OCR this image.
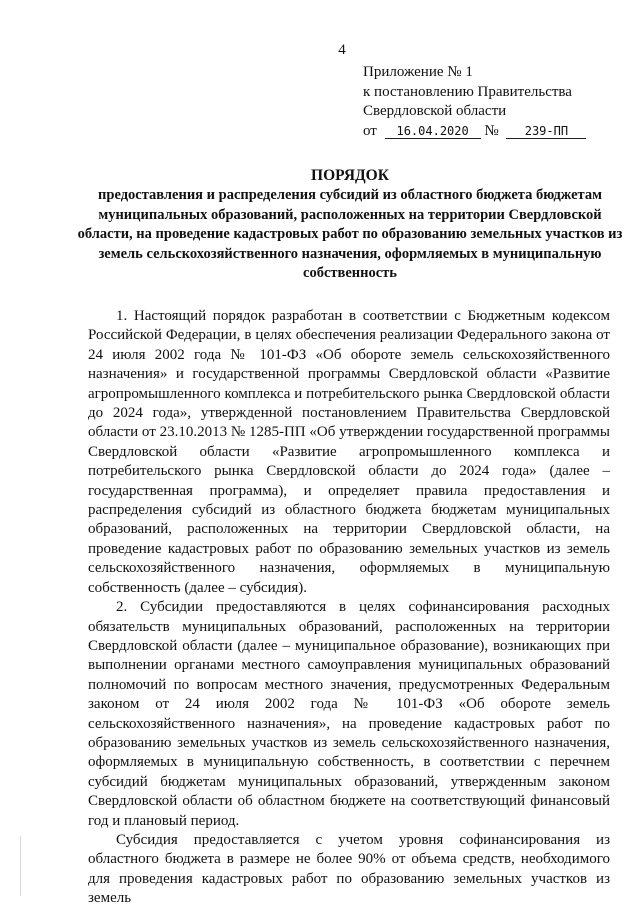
4
Приложение № 1
к постановлению Правительства
Свердловской области
от 16.04.2020 № 239-ПП
ПОРЯДОК
предоставления и распределения субсидий из областного бюджета бюджетам муниципальных образований, расположенных на территории Свердловской области, на проведение кадастровых работ по образованию земельных участков из земель сельскохозяйственного назначения, оформляемых в муниципальную собственность

1. Настоящий порядок разработан в соответствии с Бюджетным кодексом Российской Федерации, в целях обеспечения реализации Федерального закона от 24 июля 2002 года № 101-ФЗ «Об обороте земель сельскохозяйственного назначения» и государственной программы Свердловской области «Развитие агропромышленного комплекса и потребительского рынка Свердловской области до 2024 года», утвержденной постановлением Правительства Свердловской области от 23.10.2013 № 1285-ПП «Об утверждении государственной программы Свердловской области «Развитие агропромышленного комплекса и потребительского рынка Свердловской области до 2024 года» (далее – государственная программа), и определяет правила предоставления и распределения субсидий из областного бюджета бюджетам муниципальных образований, расположенных на территории Свердловской области, на проведение кадастровых работ по образованию земельных участков из земель сельскохозяйственного назначения, оформляемых в муниципальную собственность (далее – субсидия).

2. Субсидии предоставляются в целях софинансирования расходных обязательств муниципальных образований, расположенных на территории Свердловской области (далее – муниципальное образование), возникающих при выполнении органами местного самоуправления муниципальных образований полномочий по вопросам местного значения, предусмотренных Федеральным законом от 24 июля 2002 года № 101-ФЗ «Об обороте земель сельскохозяйственного назначения», на проведение кадастровых работ по образованию земельных участков из земель сельскохозяйственного назначения, оформляемых в муниципальную собственность, в соответствии с перечнем субсидий бюджетам муниципальных образований, утвержденным законом Свердловской области об областном бюджете на соответствующий финансовый год и плановый период.

Субсидия предоставляется с учетом уровня софинансирования из областного бюджета в размере не более 90% от объема средств, необходимого для проведения кадастровых работ по образованию земельных участков из земель
